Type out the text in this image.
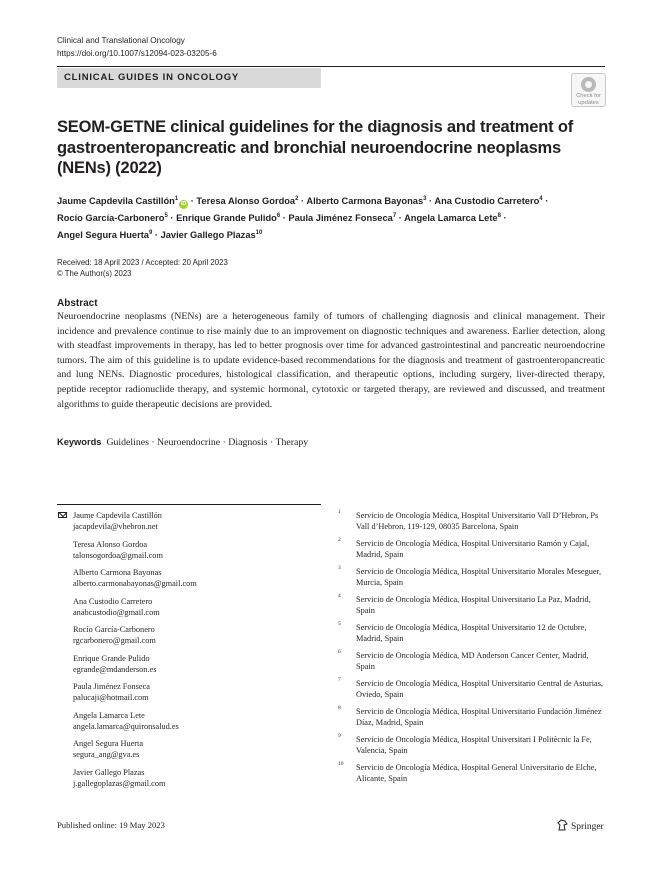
Clinical and Translational Oncology
https://doi.org/10.1007/s12094-023-03205-6
CLINICAL GUIDES IN ONCOLOGY
Check for
updates
SEOM-GETNE clinical guidelines for the diagnosis and treatment of gastroenteropancreatic and bronchial neuroendocrine neoplasms (NENs) (2022)
Jaume Capdevila Castillón$^1$iD · Teresa Alonso Gordoa$^2$ · Alberto Carmona Bayonas$^3$ · Ana Custodio Carretero$^4$ ·
Rocío García-Carbonero$^5$ · Enrique Grande Pulido$^6$ · Paula Jiménez Fonseca$^7$ · Angela Lamarca Lete$^8$ ·
Angel Segura Huerta$^9$ · Javier Gallego Plazas$^{10}$
Received: 18 April 2023 / Accepted: 20 April 2023
© The Author(s) 2023
Abstract
Neuroendocrine neoplasms (NENs) are a heterogeneous family of tumors of challenging diagnosis and clinical management. Their incidence and prevalence continue to rise mainly due to an improvement on diagnostic techniques and awareness. Earlier detection, along with steadfast improvements in therapy, has led to better prognosis over time for advanced gastrointestinal and pancreatic neuroendocrine tumors. The aim of this guideline is to update evidence-based recommendations for the diagnosis and treatment of gastroenteropancreatic and lung NENs. Diagnostic procedures, histological classification, and therapeutic options, including surgery, liver-directed therapy, peptide receptor radionuclide therapy, and systemic hormonal, cytotoxic or targeted therapy, are reviewed and discussed, and treatment algorithms to guide therapeutic decisions are provided.
Keywords Guidelines · Neuroendocrine · Diagnosis · Therapy
Jaume Capdevila Castillón
jacapdevila@vhebron.net
Teresa Alonso Gordoa
talonsogordoa@gmail.com
Alberto Carmona Bayonas
alberto.carmonabayonas@gmail.com
Ana Custodio Carretero
anabcustodio@gmail.com
Rocío García-Carbonero
rgcarbonero@gmail.com
Enrique Grande Pulido
egrande@mdanderson.es
Paula Jiménez Fonseca
palucaji@hotmail.com
Angela Lamarca Lete
angela.lamarca@quironsalud.es
Angel Segura Huerta
segura_ang@gva.es
Javier Gallego Plazas
j.gallegoplazas@gmail.com
1 Servicio de Oncología Médica, Hospital Universitario Vall D’Hebron, Ps Vall d’Hebron, 119-129, 08035 Barcelona, Spain
2 Servicio de Oncología Médica, Hospital Universitario Ramón y Cajal, Madrid, Spain
3 Servicio de Oncología Médica, Hospital Universitario Morales Meseguer, Murcia, Spain
4 Servicio de Oncología Médica, Hospital Universitario La Paz, Madrid, Spain
5 Servicio de Oncología Médica, Hospital Universitario 12 de Octubre, Madrid, Spain
6 Servicio de Oncología Médica, MD Anderson Cancer Center, Madrid, Spain
7 Servicio de Oncología Médica, Hospital Universitario Central de Asturias, Oviedo, Spain
8 Servicio de Oncología Médica, Hospital Universitario Fundación Jiménez Díaz, Madrid, Spain
9 Servicio de Oncología Médica, Hospital Universitari I Politècnic la Fe, Valencia, Spain
10 Servicio de Oncología Médica, Hospital General Universitario de Elche, Alicante, Spain
Published online: 19 May 2023	Springer
